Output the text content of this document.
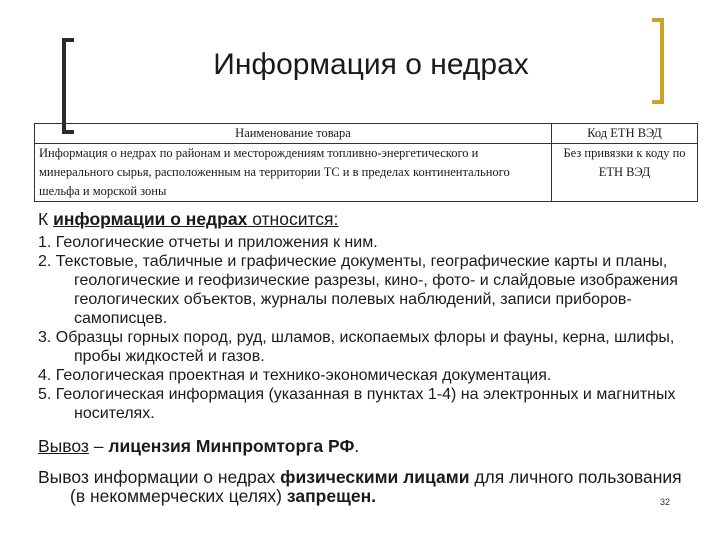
Информация о недрах
Наименование товара	Код ЕТН ВЭД
Информация о недрах по районам и месторождениям топливно-энергетического и минерального сырья, расположенным на территории ТС и в пределах континентального шельфа и морской зоны	Без привязки к коду по ЕТН ВЭД

К информации о недрах относится:

1. Геологические отчеты и приложения к ним.
2. Текстовые, табличные и графические документы, географические карты и планы, геологические и геофизические разрезы, кино-, фото- и слайдовые изображения геологических объектов, журналы полевых наблюдений, записи приборов-самописцев.
3. Образцы горных пород, руд, шламов, ископаемых флоры и фауны, керна, шлифы, пробы жидкостей и газов.
4. Геологическая проектная и технико-экономическая документация.
5. Геологическая информация (указанная в пунктах 1-4) на электронных и магнитных носителях.

Вывоз – лицензия Минпромторга РФ.

Вывоз информации о недрах физическими лицами для личного пользования (в некоммерческих целях) запрещен.	32
